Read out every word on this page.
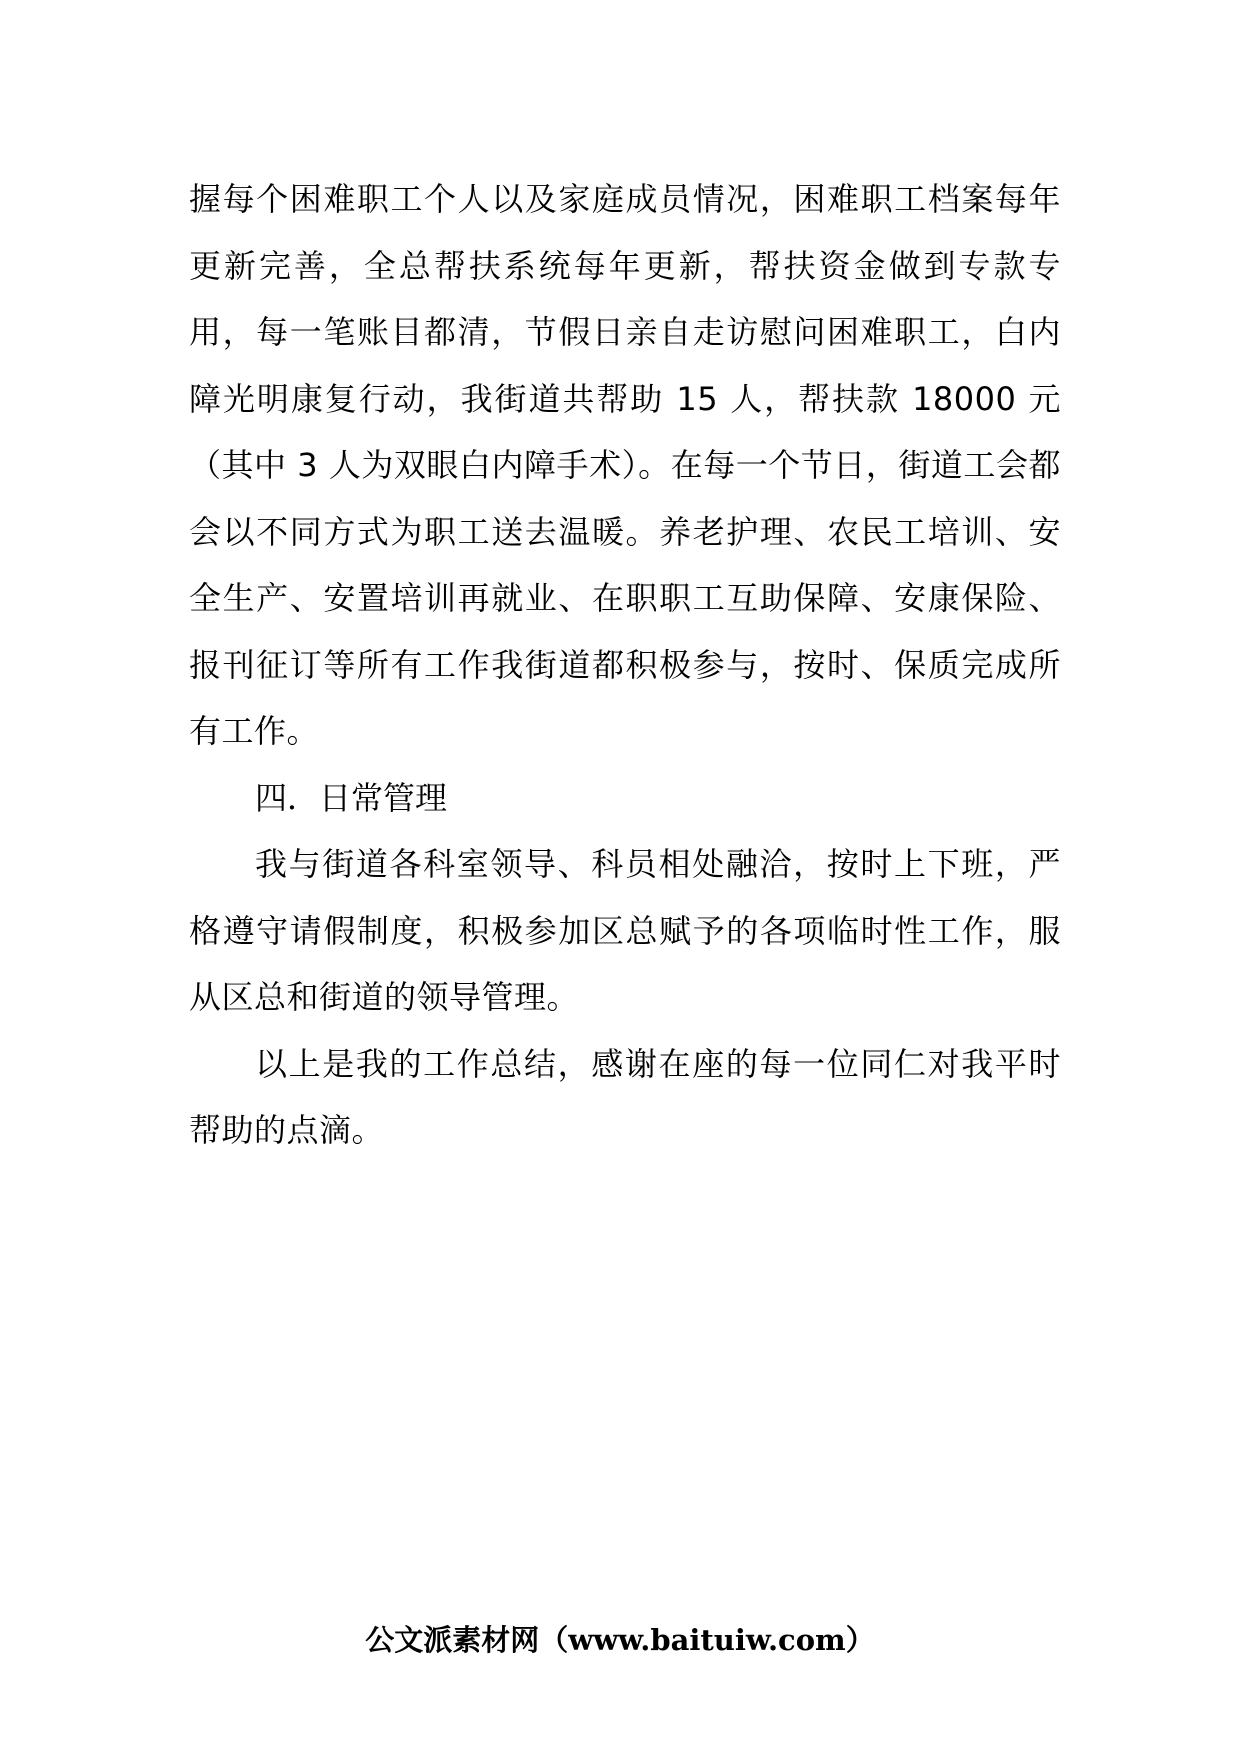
握每个困难职工个人以及家庭成员情况，困难职工档案每年更新完善，全总帮扶系统每年更新，帮扶资金做到专款专用，每一笔账目都清，节假日亲自走访慰问困难职工，白内障光明康复行动，我街道共帮助 15 人，帮扶款 18000 元（其中 3 人为双眼白内障手术）。在每一个节日，街道工会都会以不同方式为职工送去温暖。养老护理、农民工培训、安全生产、安置培训再就业、在职职工互助保障、安康保险、报刊征订等所有工作我街道都积极参与，按时、保质完成所有工作。

四．日常管理

我与街道各科室领导、科员相处融洽，按时上下班，严格遵守请假制度，积极参加区总赋予的各项临时性工作，服从区总和街道的领导管理。

以上是我的工作总结，感谢在座的每一位同仁对我平时帮助的点滴。

公文派素材网（www.baituiw.com）
